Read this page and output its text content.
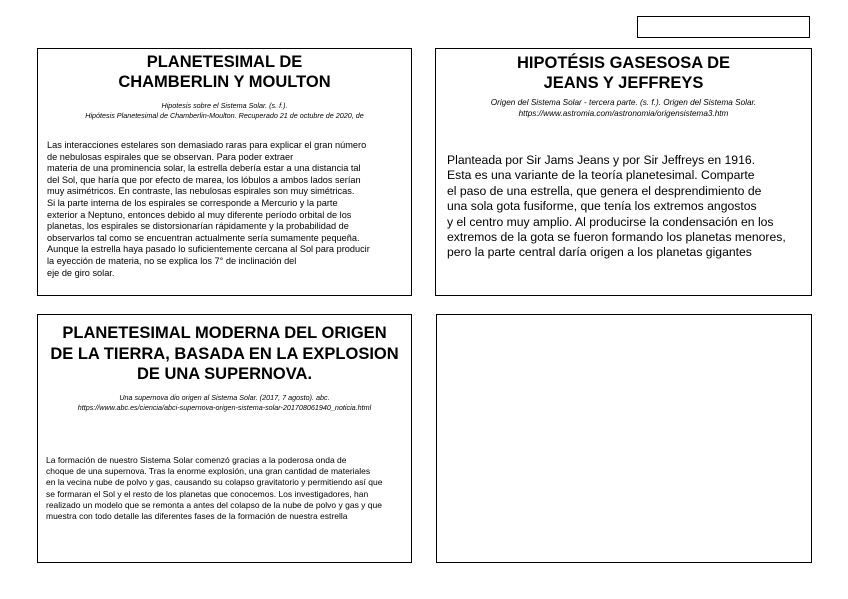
PLANETESIMAL DE
CHAMBERLIN Y MOULTON

Hipotesis sobre el Sistema Solar. (s. f.).
Hipótesis Planetesimal de Chamberlin-Moulton. Recuperado 21 de octubre de 2020, de

Las interacciones estelares son demasiado raras para explicar el gran número
de nebulosas espirales que se observan. Para poder extraer
materia de una prominencia solar, la estrella debería estar a una distancia tal
del Sol, que haría que por efecto de marea, los lóbulos a ambos lados serían
muy asimétricos. En contraste, las nebulosas espirales son muy simétricas.
Si la parte interna de los espirales se corresponde a Mercurio y la parte
exterior a Neptuno, entonces debido al muy diferente período orbital de los
planetas, los espirales se distorsionarían rápidamente y la probabilidad de
observarlos tal como se encuentran actualmente sería sumamente pequeña.
Aunque la estrella haya pasado lo suficientemente cercana al Sol para producir
la eyección de materia, no se explica los 7° de inclinación del
eje de giro solar.

HIPOTÉSIS GASESOSA DE
JEANS Y JEFFREYS

Origen del Sistema Solar - tercera parte. (s. f.). Origen del Sistema Solar.
https://www.astromia.com/astronomia/origensistema3.htm

Planteada por Sir Jams Jeans y por Sir Jeffreys en 1916.
Esta es una variante de la teoría planetesimal. Comparte
el paso de una estrella, que genera el desprendimiento de
una sola gota fusiforme, que tenía los extremos angostos
y el centro muy amplio. Al producirse la condensación en los
extremos de la gota se fueron formando los planetas menores,
pero la parte central daría origen a los planetas gigantes

PLANETESIMAL MODERNA DEL ORIGEN
DE LA TIERRA, BASADA EN LA EXPLOSION
DE UNA SUPERNOVA.

Una supernova dio origen al Sistema Solar. (2017, 7 agosto). abc.
https://www.abc.es/ciencia/abci-supernova-origen-sistema-solar-201708061940_noticia.html

La formación de nuestro Sistema Solar comenzó gracias a la poderosa onda de
choque de una supernova. Tras la enorme explosión, una gran cantidad de materiales
en la vecina nube de polvo y gas, causando su colapso gravitatorio y permitiendo así que
se formaran el Sol y el resto de los planetas que conocemos. Los investigadores, han
realizado un modelo que se remonta a antes del colapso de la nube de polvo y gas y que
muestra con todo detalle las diferentes fases de la formación de nuestra estrella
